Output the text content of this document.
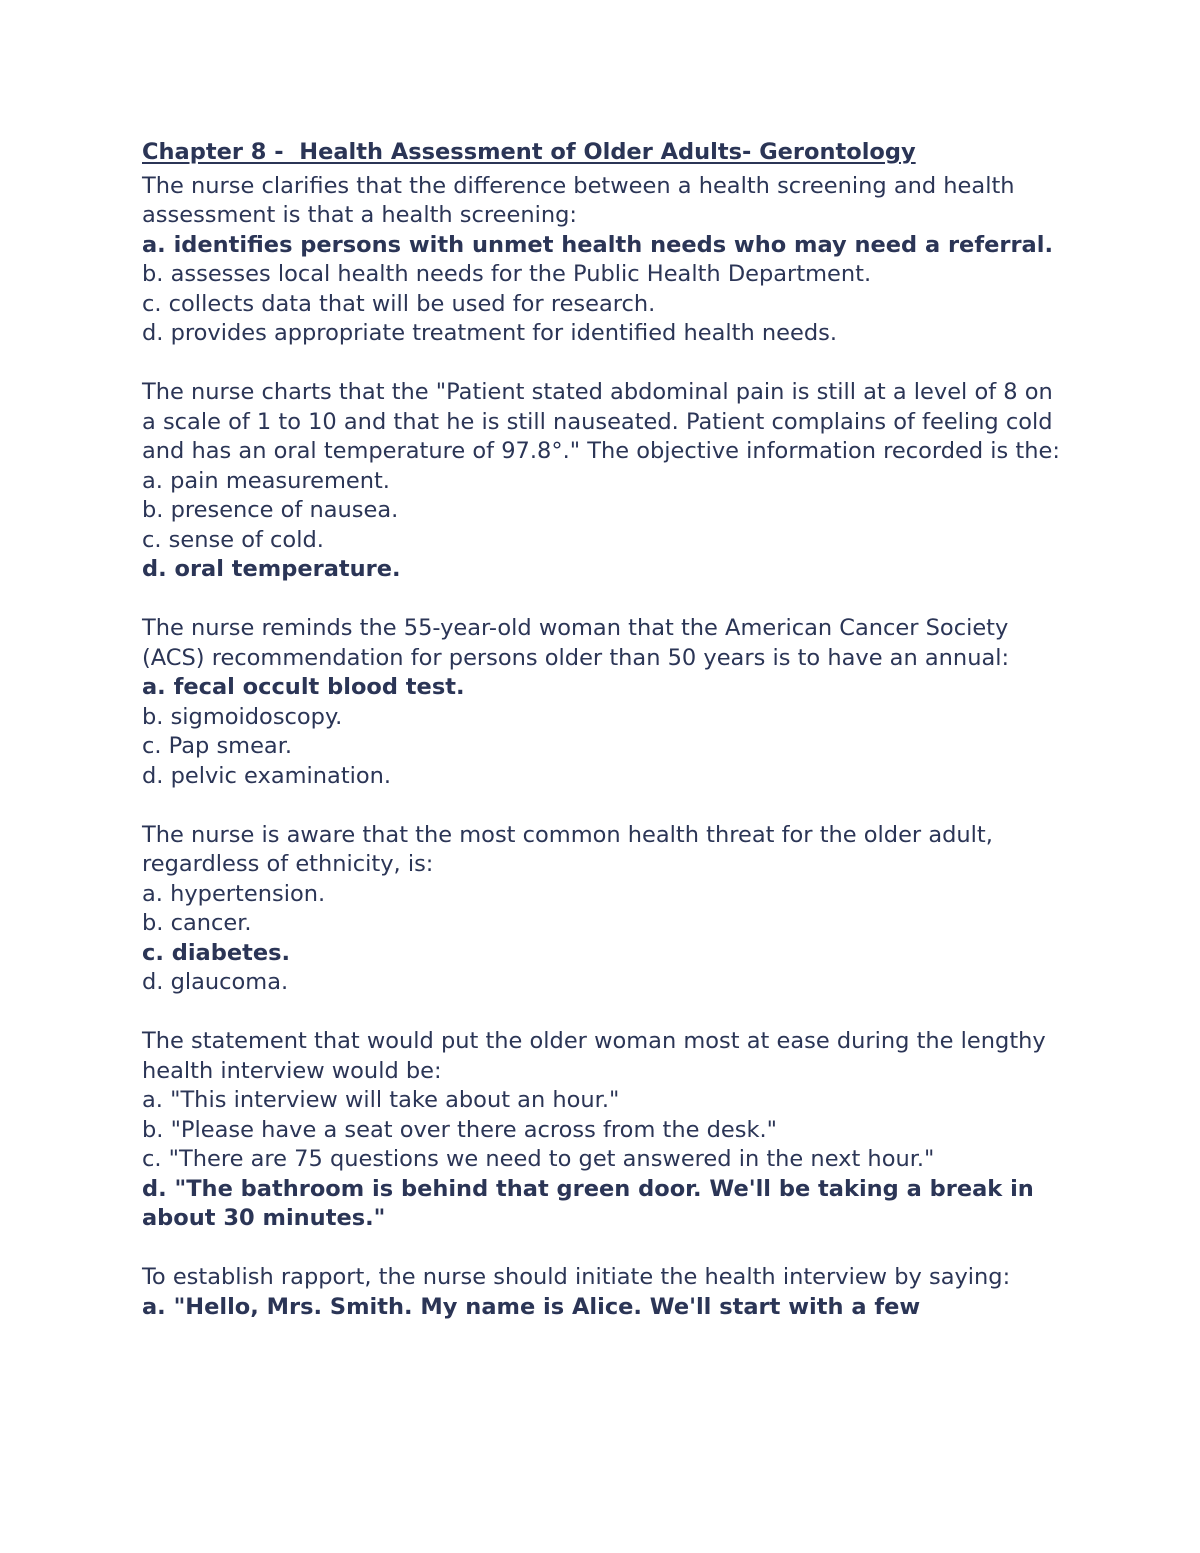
Chapter 8 -  Health Assessment of Older Adults- Gerontology

The nurse clarifies that the difference between a health screening and health assessment is that a health screening:

a. identifies persons with unmet health needs who may need a referral.

b. assesses local health needs for the Public Health Department.

c. collects data that will be used for research.

d. provides appropriate treatment for identified health needs.

The nurse charts that the "Patient stated abdominal pain is still at a level of 8 on a scale of 1 to 10 and that he is still nauseated. Patient complains of feeling cold and has an oral temperature of 97.8°." The objective information recorded is the:

a. pain measurement.

b. presence of nausea.

c. sense of cold.

d. oral temperature.

The nurse reminds the 55-year-old woman that the American Cancer Society (ACS) recommendation for persons older than 50 years is to have an annual:

a. fecal occult blood test.

b. sigmoidoscopy.

c. Pap smear.

d. pelvic examination.

The nurse is aware that the most common health threat for the older adult, regardless of ethnicity, is:

a. hypertension.

b. cancer.

c. diabetes.

d. glaucoma.

The statement that would put the older woman most at ease during the lengthy health interview would be:

a. "This interview will take about an hour."

b. "Please have a seat over there across from the desk."

c. "There are 75 questions we need to get answered in the next hour."

d. "The bathroom is behind that green door. We'll be taking a break in about 30 minutes."

To establish rapport, the nurse should initiate the health interview by saying:

a. "Hello, Mrs. Smith. My name is Alice. We'll start with a few
